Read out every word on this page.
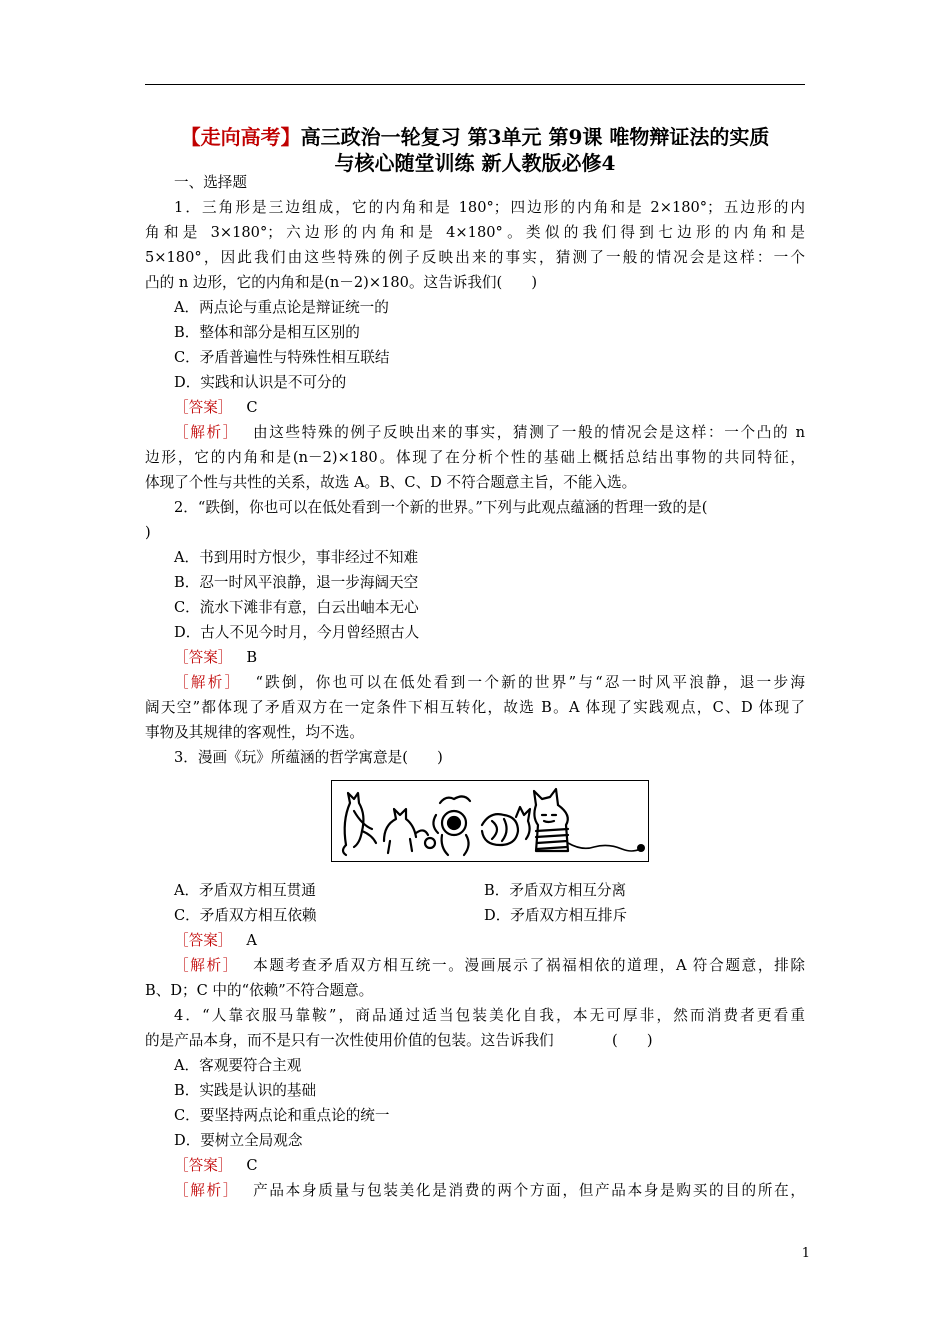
【走向高考】高三政治一轮复习 第3单元 第9课 唯物辩证法的实质
与核心随堂训练 新人教版必修4
一、选择题
1．三角形是三边组成，它的内角和是 180°；四边形的内角和是 2×180°；五边形的内
角和是 3×180°；六边形的内角和是 4×180°。类似的我们得到七边形的内角和是
5×180°，因此我们由这些特殊的例子反映出来的事实，猜测了一般的情况会是这样：一个
凸的 n 边形，它的内角和是(n－2)×180。这告诉我们(　　)
A．两点论与重点论是辩证统一的
B．整体和部分是相互区别的
C．矛盾普遍性与特殊性相互联结
D．实践和认识是不可分的
［答案］ C
［解析］ 由这些特殊的例子反映出来的事实，猜测了一般的情况会是这样：一个凸的 n
边形，它的内角和是(n－2)×180。体现了在分析个性的基础上概括总结出事物的共同特征，
体现了个性与共性的关系，故选 A。B、C、D 不符合题意主旨，不能入选。
2．“跌倒，你也可以在低处看到一个新的世界。”下列与此观点蕴涵的哲理一致的是(
)
A．书到用时方恨少，事非经过不知难
B．忍一时风平浪静，退一步海阔天空
C．流水下滩非有意，白云出岫本无心
D．古人不见今时月，今月曾经照古人
［答案］ B
［解析］ “跌倒，你也可以在低处看到一个新的世界”与“忍一时风平浪静，退一步海
阔天空”都体现了矛盾双方在一定条件下相互转化，故选 B。A 体现了实践观点，C、D 体现了
事物及其规律的客观性，均不选。
3．漫画《玩》所蕴涵的哲学寓意是(　　)
A．矛盾双方相互贯通	B．矛盾双方相互分离
C．矛盾双方相互依赖	D．矛盾双方相互排斥
［答案］ A
［解析］ 本题考查矛盾双方相互统一。漫画展示了祸福相依的道理，A 符合题意，排除
B、D；C 中的“依赖”不符合题意。
4．“人靠衣服马靠鞍”，商品通过适当包装美化自我，本无可厚非，然而消费者更看重
的是产品本身，而不是只有一次性使用价值的包装。这告诉我们　　　　(　　)
A．客观要符合主观
B．实践是认识的基础
C．要坚持两点论和重点论的统一
D．要树立全局观念
［答案］ C
［解析］ 产品本身质量与包装美化是消费的两个方面，但产品本身是购买的目的所在，
1
